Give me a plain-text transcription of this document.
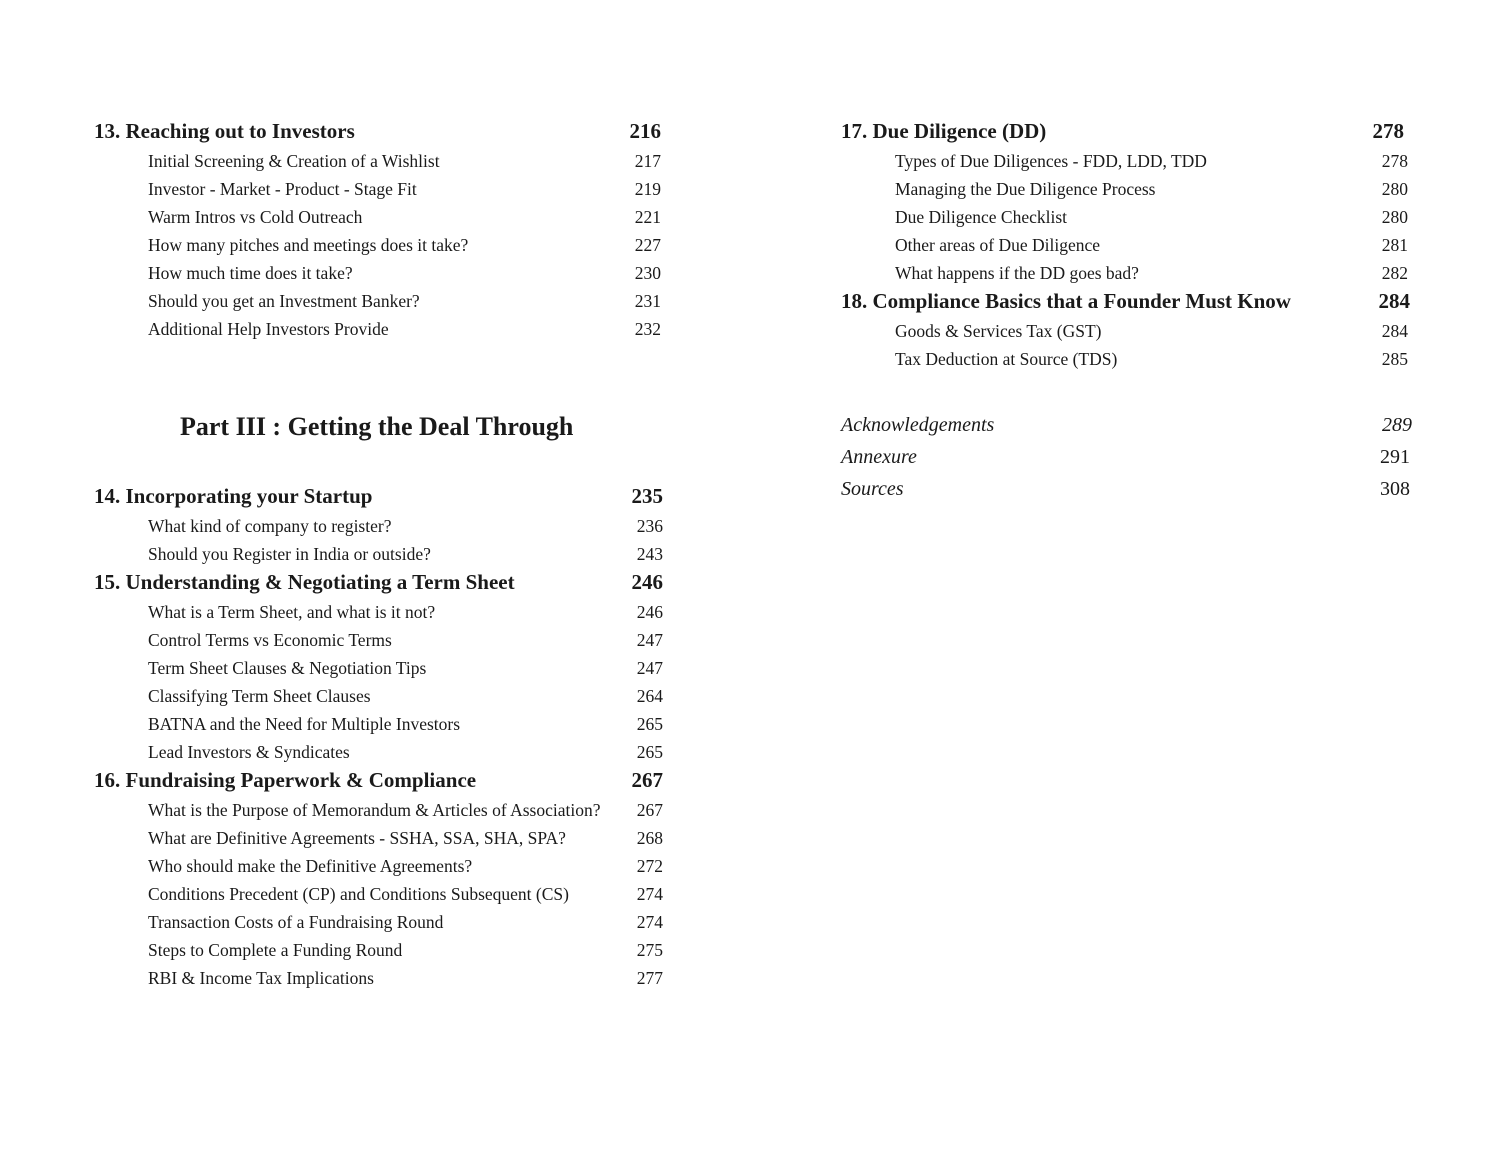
13. Reaching out to Investors	216
Initial Screening & Creation of a Wishlist	217
Investor - Market - Product - Stage Fit	219
Warm Intros vs Cold Outreach	221
How many pitches and meetings does it take?	227
How much time does it take?	230
Should you get an Investment Banker?	231
Additional Help Investors Provide	232
Part III : Getting the Deal Through
14. Incorporating your Startup	235
What kind of company to register?	236
Should you Register in India or outside?	243
15. Understanding & Negotiating a Term Sheet	246
What is a Term Sheet, and what is it not?	246
Control Terms vs Economic Terms	247
Term Sheet Clauses & Negotiation Tips	247
Classifying Term Sheet Clauses	264
BATNA and the Need for Multiple Investors	265
Lead Investors & Syndicates	265
16. Fundraising Paperwork & Compliance	267
What is the Purpose of Memorandum & Articles of Association? 267
What are Definitive Agreements - SSHA, SSA, SHA, SPA?	268
Who should make the Definitive Agreements?	272
Conditions Precedent (CP) and Conditions Subsequent (CS)	274
Transaction Costs of a Fundraising Round	274
Steps to Complete a Funding Round	275
RBI & Income Tax Implications	277
17. Due Diligence (DD)	278
Types of Due Diligences - FDD, LDD, TDD	278
Managing the Due Diligence Process	280
Due Diligence Checklist	280
Other areas of Due Diligence	281
What happens if the DD goes bad?	282
18. Compliance Basics that a Founder Must Know	284
Goods & Services Tax (GST)	284
Tax Deduction at Source (TDS)	285
Acknowledgements	289
Annexure	291
Sources	308
